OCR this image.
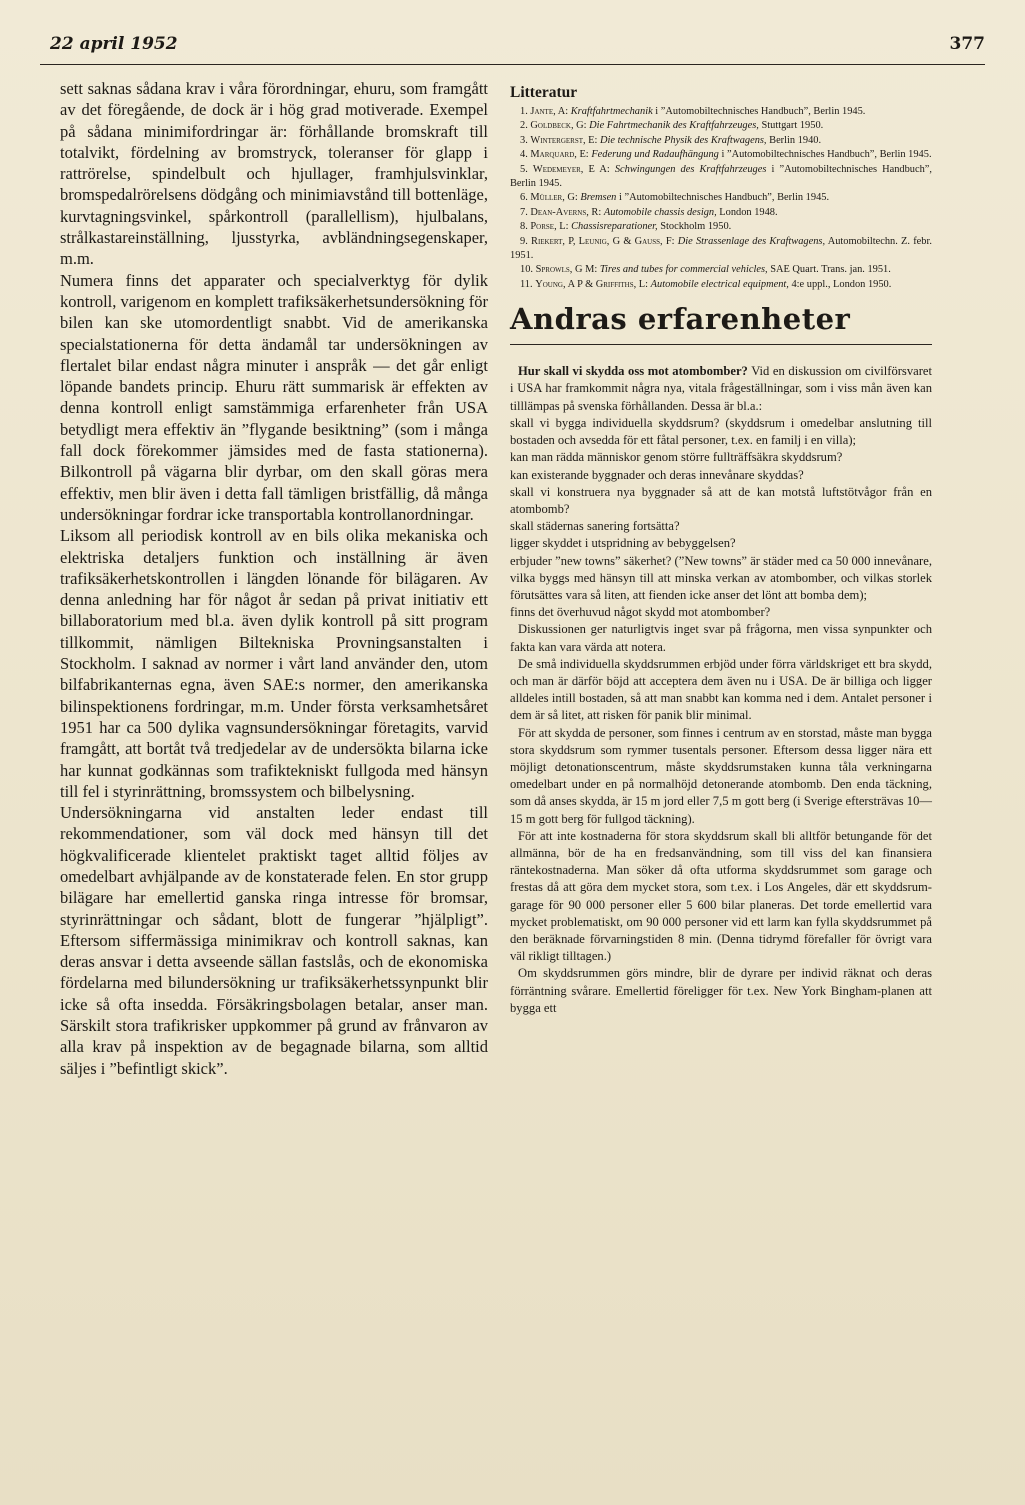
22 april 1952	377

sett saknas sådana krav i våra förordningar, ehuru, som framgått av det föregående, de dock är i hög grad motiverade. Exempel på sådana minimifordringar är: förhållande bromskraft till totalvikt, fördelning av bromstryck, toleranser för glapp i rattrörelse, spindelbult och hjullager, framhjulsvinklar, bromspedalrörelsens dödgång och minimiavstånd till bottenläge, kurvtagningsvinkel, spårkontroll (parallellism), hjulbalans, strålkastareinställning, ljusstyrka, avbländningsegenskaper, m.m.

Numera finns det apparater och specialverktyg för dylik kontroll, varigenom en komplett trafiksäkerhetsundersökning för bilen kan ske utomordentligt snabbt. Vid de amerikanska specialstationerna för detta ändamål tar undersökningen av flertalet bilar endast några minuter i anspråk — det går enligt löpande bandets princip. Ehuru rätt summarisk är effekten av denna kontroll enligt samstämmiga erfarenheter från USA betydligt mera effektiv än ”flygande besiktning” (som i många fall dock förekommer jämsides med de fasta stationerna). Bilkontroll på vägarna blir dyrbar, om den skall göras mera effektiv, men blir även i detta fall tämligen bristfällig, då många undersökningar fordrar icke transportabla kontrollanordningar.

Liksom all periodisk kontroll av en bils olika mekaniska och elektriska detaljers funktion och inställning är även trafiksäkerhetskontrollen i längden lönande för bilägaren. Av denna anledning har för något år sedan på privat initiativ ett billaboratorium med bl.a. även dylik kontroll på sitt program tillkommit, nämligen Biltekniska Provningsanstalten i Stockholm. I saknad av normer i vårt land använder den, utom bilfabrikanternas egna, även SAE:s normer, den amerikanska bilinspektionens fordringar, m.m. Under första verksamhetsåret 1951 har ca 500 dylika vagnsundersökningar företagits, varvid framgått, att bortåt två tredjedelar av de undersökta bilarna icke har kunnat godkännas som trafiktekniskt fullgoda med hänsyn till fel i styrinrättning, bromssystem och bilbelysning.

Undersökningarna vid anstalten leder endast till rekommendationer, som väl dock med hänsyn till det högkvalificerade klientelet praktiskt taget alltid följes av omedelbart avhjälpande av de konstaterade felen. En stor grupp bilägare har emellertid ganska ringa intresse för bromsar, styrinrättningar och sådant, blott de fungerar ”hjälpligt”. Eftersom siffermässiga minimikrav och kontroll saknas, kan deras ansvar i detta avseende sällan fastslås, och de ekonomiska fördelarna med bilundersökning ur trafiksäkerhetssynpunkt blir icke så ofta insedda. Försäkringsbolagen betalar, anser man. Särskilt stora trafikrisker uppkommer på grund av frånvaron av alla krav på inspektion av de begagnade bilarna, som alltid säljes i ”befintligt skick”.

Litteratur
1. Jante, A: Kraftfahrtmechanik i ”Automobiltechnisches Handbuch”, Berlin 1945.
2. Goldbeck, G: Die Fahrtmechanik des Kraftfahrzeuges, Stuttgart 1950.
3. Wintergerst, E: Die technische Physik des Kraftwagens, Berlin 1940.
4. Marquard, E: Federung und Radaufhängung i ”Automobiltechnisches Handbuch”, Berlin 1945.
5. Wedemeyer, E A: Schwingungen des Kraftfahrzeuges i ”Automobiltechnisches Handbuch”, Berlin 1945.
6. Müller, G: Bremsen i ”Automobiltechnisches Handbuch”, Berlin 1945.
7. Dean-Averns, R: Automobile chassis design, London 1948.
8. Porse, L: Chassisreparationer, Stockholm 1950.
9. Riekert, P, Leunig, G & Gauss, F: Die Strassenlage des Kraftwagens, Automobiltechn. Z. febr. 1951.
10. Sprowls, G M: Tires and tubes for commercial vehicles, SAE Quart. Trans. jan. 1951.
11. Young, A P & Griffiths, L: Automobile electrical equipment, 4:e uppl., London 1950.
Andras erfarenheter

Hur skall vi skydda oss mot atombomber? Vid en diskussion om civilförsvaret i USA har framkommit några nya, vitala frågeställningar, som i viss mån även kan tilllämpas på svenska förhållanden. Dessa är bl.a.:

skall vi bygga individuella skyddsrum? (skyddsrum i omedelbar anslutning till bostaden och avsedda för ett fåtal personer, t.ex. en familj i en villa);

kan man rädda människor genom större fullträffsäkra skyddsrum?

kan existerande byggnader och deras innevånare skyddas?

skall vi konstruera nya byggnader så att de kan motstå luftstötvågor från en atombomb?

skall städernas sanering fortsätta?

ligger skyddet i utspridning av bebyggelsen?

erbjuder ”new towns” säkerhet? (”New towns” är städer med ca 50 000 innevånare, vilka byggs med hänsyn till att minska verkan av atombomber, och vilkas storlek förutsättes vara så liten, att fienden icke anser det lönt att bomba dem);

finns det överhuvud något skydd mot atombomber?

Diskussionen ger naturligtvis inget svar på frågorna, men vissa synpunkter och fakta kan vara värda att notera.

De små individuella skyddsrummen erbjöd under förra världskriget ett bra skydd, och man är därför böjd att acceptera dem även nu i USA. De är billiga och ligger alldeles intill bostaden, så att man snabbt kan komma ned i dem. Antalet personer i dem är så litet, att risken för panik blir minimal.

För att skydda de personer, som finnes i centrum av en storstad, måste man bygga stora skyddsrum som rymmer tusentals personer. Eftersom dessa ligger nära ett möjligt detonationscentrum, måste skyddsrumstaken kunna tåla verkningarna omedelbart under en på normalhöjd detonerande atombomb. Den enda täckning, som då anses skydda, är 15 m jord eller 7,5 m gott berg (i Sverige eftersträvas 10—15 m gott berg för fullgod täckning).

För att inte kostnaderna för stora skyddsrum skall bli alltför betungande för det allmänna, bör de ha en fredsanvändning, som till viss del kan finansiera räntekostnaderna. Man söker då ofta utforma skyddsrummet som garage och frestas då att göra dem mycket stora, som t.ex. i Los Angeles, där ett skyddsrum-garage för 90 000 personer eller 5 600 bilar planeras. Det torde emellertid vara mycket problematiskt, om 90 000 personer vid ett larm kan fylla skyddsrummet på den beräknade förvarningstiden 8 min. (Denna tidrymd förefaller för övrigt vara väl rikligt tilltagen.)

Om skyddsrummen görs mindre, blir de dyrare per individ räknat och deras förräntning svårare. Emellertid föreligger för t.ex. New York Bingham-planen att bygga ett
